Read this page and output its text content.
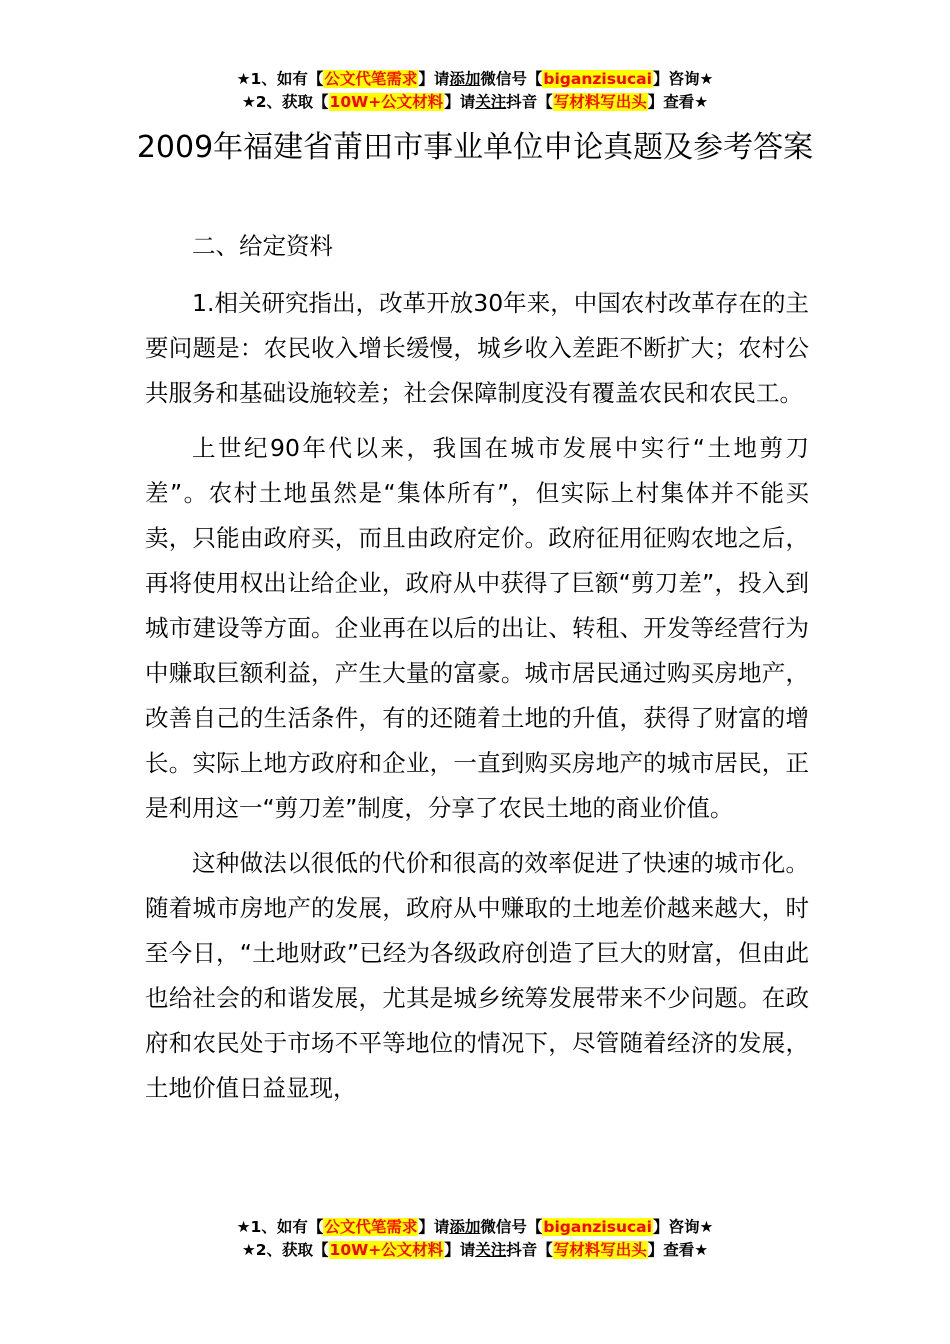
★1、如有【公文代笔需求】请添加微信号【biganzisucai】咨询★
★2、获取【10W+公文材料】请关注抖音【写材料写出头】查看★
2009年福建省莆田市事业单位申论真题及参考答案

二、给定资料

1.相关研究指出，改革开放30年来，中国农村改革存在的主要问题是：农民收入增长缓慢，城乡收入差距不断扩大；农村公共服务和基础设施较差；社会保障制度没有覆盖农民和农民工。

上世纪90年代以来，我国在城市发展中实行“土地剪刀差”。农村土地虽然是“集体所有”，但实际上村集体并不能买卖，只能由政府买，而且由政府定价。政府征用征购农地之后，再将使用权出让给企业，政府从中获得了巨额“剪刀差”，投入到城市建设等方面。企业再在以后的出让、转租、开发等经营行为中赚取巨额利益，产生大量的富豪。城市居民通过购买房地产，改善自己的生活条件，有的还随着土地的升值，获得了财富的增长。实际上地方政府和企业，一直到购买房地产的城市居民，正是利用这一“剪刀差”制度，分享了农民土地的商业价值。

这种做法以很低的代价和很高的效率促进了快速的城市化。随着城市房地产的发展，政府从中赚取的土地差价越来越大，时至今日，“土地财政”已经为各级政府创造了巨大的财富，但由此也给社会的和谐发展，尤其是城乡统筹发展带来不少问题。在政府和农民处于市场不平等地位的情况下，尽管随着经济的发展，土地价值日益显现，

★1、如有【公文代笔需求】请添加微信号【biganzisucai】咨询★
★2、获取【10W+公文材料】请关注抖音【写材料写出头】查看★
